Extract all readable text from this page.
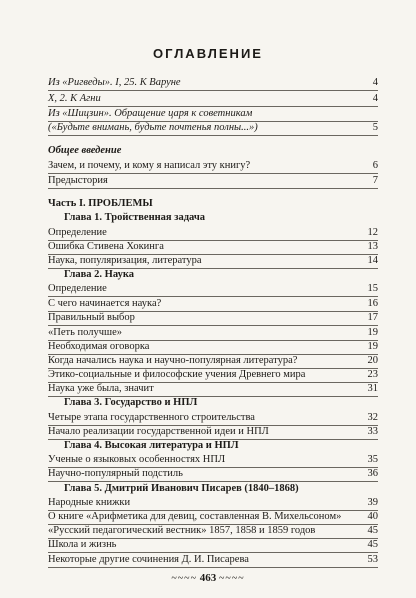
ОГЛАВЛЕНИЕ
Из «Ригведы». I, 25. К Варуне	4
X, 2. К Агни	4
Из «Шицзин». Обращение царя к советникам
(«Будьте внимань, будьте почтенья полны...»)	5
Общее введение
Зачем, и почему, и кому я написал эту книгу?	6
Предыстория	7
Часть I. ПРОБЛЕМЫ
Глава 1. Тройственная задача
Определение	12
Ошибка Стивена Хокинга	13
Наука, популяризация, литература	14
Глава 2. Наука
Определение	15
С чего начинается наука?	16
Правильный выбор	17
«Петь получше»	19
Необходимая оговорка	19
Когда начались наука и научно-популярная литература?	20
Этико-социальные и философские учения Древнего мира	23
Наука уже была, значит	31
Глава 3. Государство и НПЛ
Четыре этапа государственного строительства	32
Начало реализации государственной идеи и НПЛ	33
Глава 4. Высокая литература и НПЛ
Ученые о языковых особенностях НПЛ	35
Научно-популярный подстиль	36
Глава 5. Дмитрий Иванович Писарев (1840–1868)
Народные книжки	39
О книге «Арифметика для девиц, составленная В. Михельсоном» 40
«Русский педагогический вестник» 1857, 1858 и 1859 годов	45
Школа и жизнь	45
Некоторые другие сочинения Д. И. Писарева	53
~~~~ 463 ~~~~
